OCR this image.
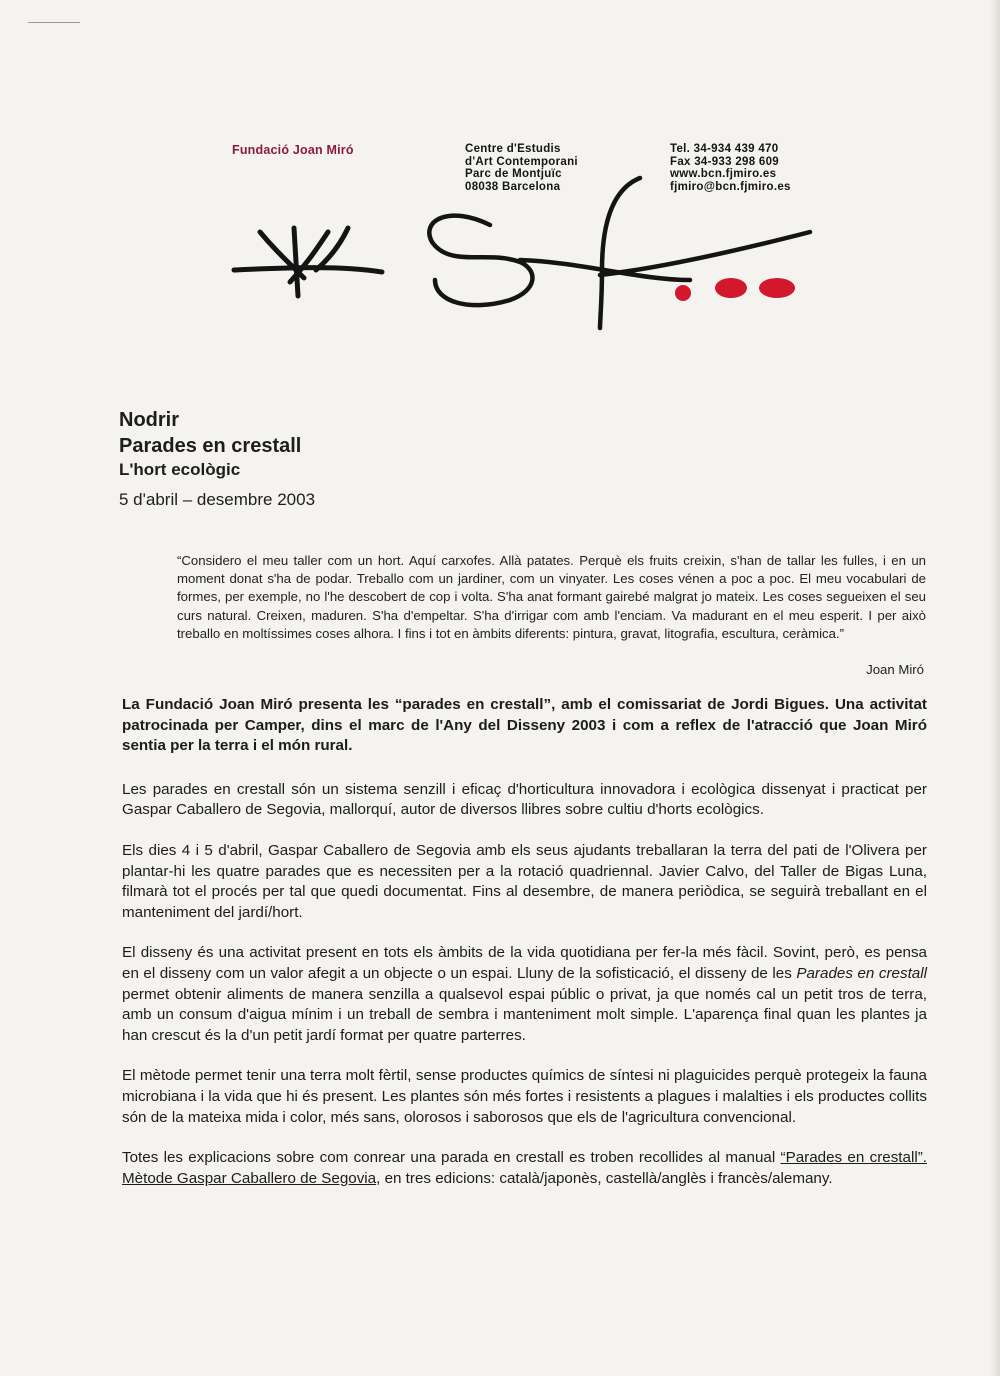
Fundació Joan Miró	Centre d'Estudis
d'Art Contemporani
Parc de Montjuïc
08038 Barcelona
Tel. 34-934 439 470
Fax 34-933 298 609
www.bcn.fjmiro.es
fjmiro@bcn.fjmiro.es
Nodrir
Parades en crestall
L'hort ecològic
5 d'abril – desembre 2003
“Considero el meu taller com un hort. Aquí carxofes. Allà patates. Perquè els fruits creixin, s'han de tallar les fulles, i en un moment donat s'ha de podar. Treballo com un jardiner, com un vinyater. Les coses vénen a poc a poc. El meu vocabulari de formes, per exemple, no l'he descobert de cop i volta. S'ha anat formant gairebé malgrat jo mateix. Les coses segueixen el seu curs natural. Creixen, maduren. S'ha d'empeltar. S'ha d'irrigar com amb l'enciam. Va madurant en el meu esperit. I per això treballo en moltíssimes coses alhora. I fins i tot en àmbits diferents: pintura, gravat, litografia, escultura, ceràmica.”
Joan Miró

La Fundació Joan Miró presenta les “parades en crestall”, amb el comissariat de Jordi Bigues. Una activitat patrocinada per Camper, dins el marc de l'Any del Disseny 2003 i com a reflex de l'atracció que Joan Miró sentia per la terra i el món rural.

Les parades en crestall són un sistema senzill i eficaç d'horticultura innovadora i ecològica dissenyat i practicat per Gaspar Caballero de Segovia, mallorquí, autor de diversos llibres sobre cultiu d'horts ecològics.

Els dies 4 i 5 d'abril, Gaspar Caballero de Segovia amb els seus ajudants treballaran la terra del pati de l'Olivera per plantar-hi les quatre parades que es necessiten per a la rotació quadriennal. Javier Calvo, del Taller de Bigas Luna, filmarà tot el procés per tal que quedi documentat. Fins al desembre, de manera periòdica, se seguirà treballant en el manteniment del jardí/hort.

El disseny és una activitat present en tots els àmbits de la vida quotidiana per fer-la més fàcil. Sovint, però, es pensa en el disseny com un valor afegit a un objecte o un espai. Lluny de la sofisticació, el disseny de les Parades en crestall permet obtenir aliments de manera senzilla a qualsevol espai públic o privat, ja que només cal un petit tros de terra, amb un consum d'aigua mínim i un treball de sembra i manteniment molt simple. L'aparença final quan les plantes ja han crescut és la d'un petit jardí format per quatre parterres.

El mètode permet tenir una terra molt fèrtil, sense productes químics de síntesi ni plaguicides perquè protegeix la fauna microbiana i la vida que hi és present. Les plantes són més fortes i resistents a plagues i malalties i els productes collits són de la mateixa mida i color, més sans, olorosos i saborosos que els de l'agricultura convencional.

Totes les explicacions sobre com conrear una parada en crestall es troben recollides al manual “Parades en crestall”. Mètode Gaspar Caballero de Segovia, en tres edicions: català/japonès, castellà/anglès i francès/alemany.
